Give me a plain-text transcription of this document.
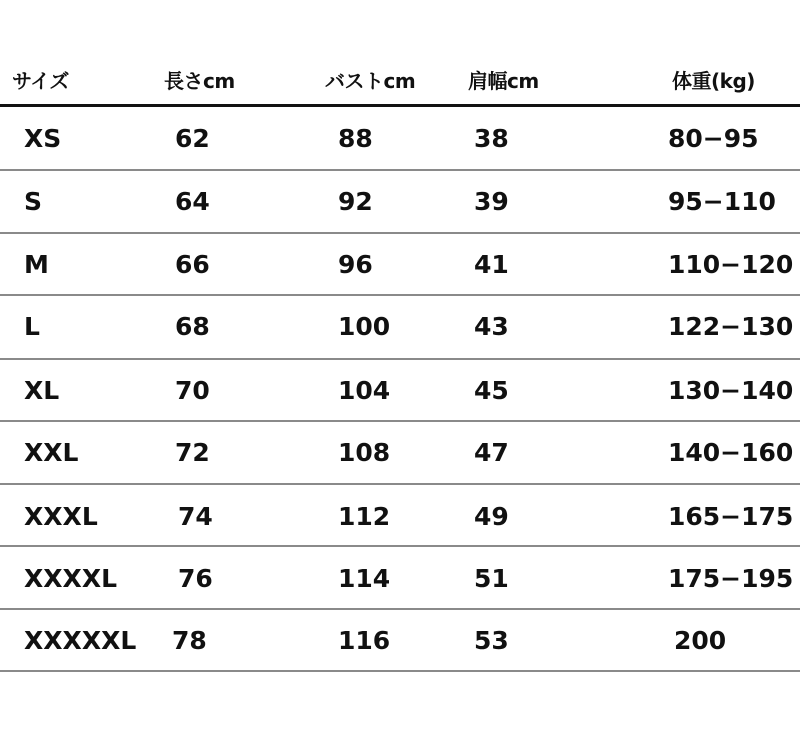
サイズ	長さcm	バストcm	肩幅cm	体重(kg)
XS	62	88	38	80−95
S	64	92	39	95−110
M	66	96	41	110−120
L	68	100	43	122−130
XL	70	104	45	130−140
XXL	72	108	47	140−160
XXXL	74	112	49	165−175
XXXXL 76	114	51	175−195
XXXXXL 78	116	53	200
